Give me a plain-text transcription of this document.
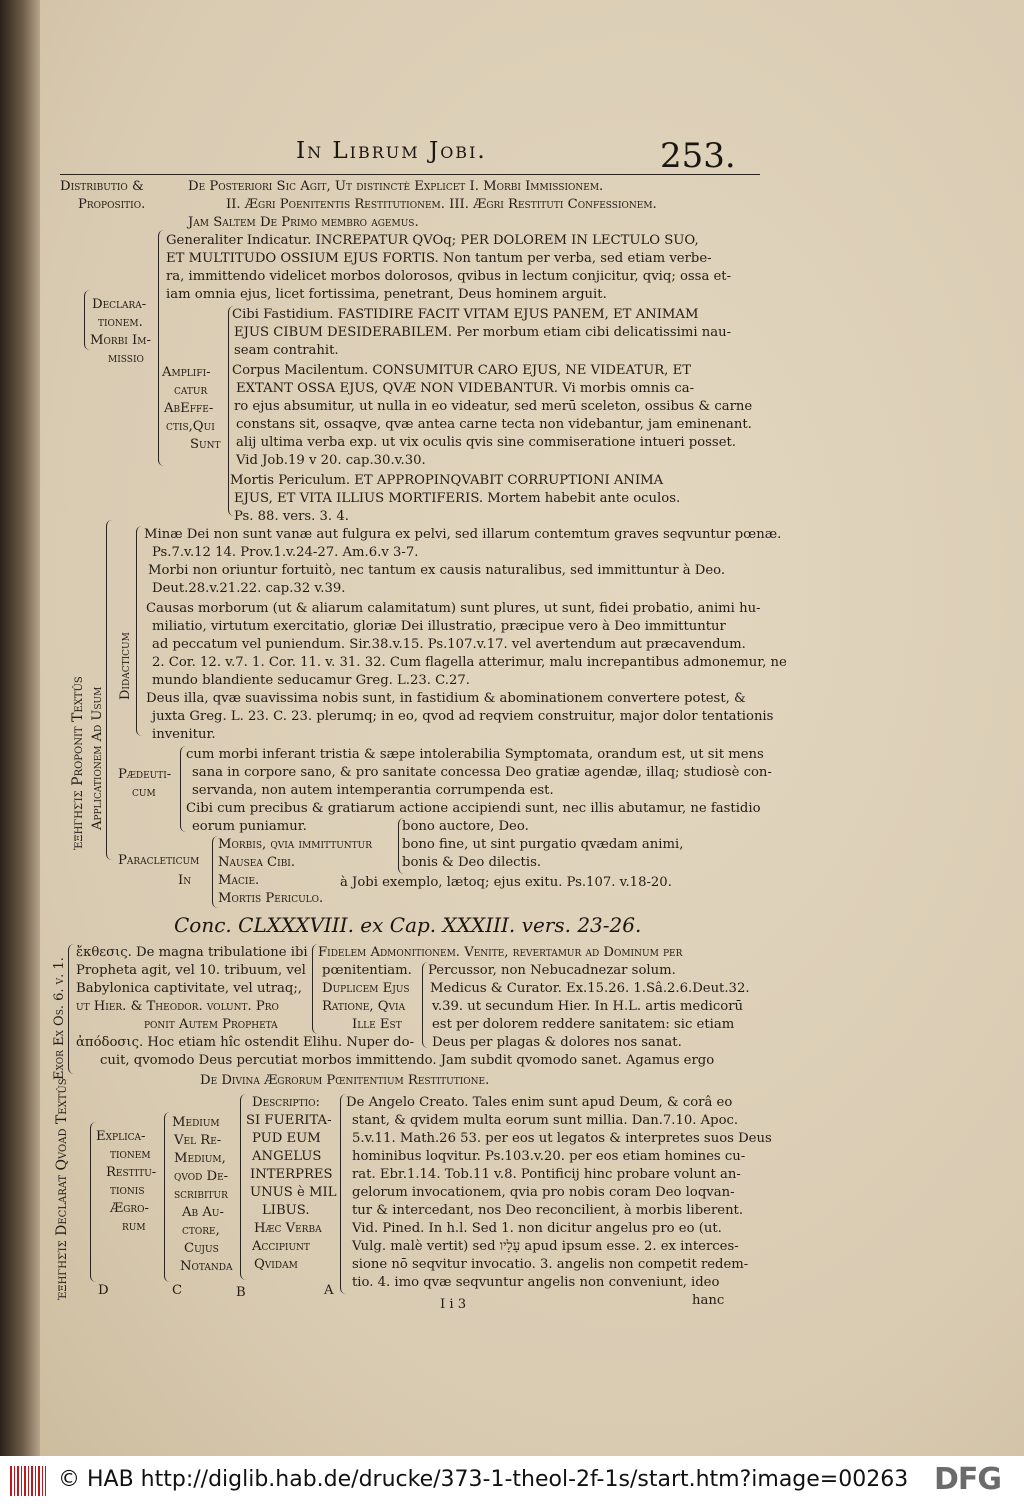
······
In Librum Jobi.	253.
Distributio &
Propositio.
De Posteriori Sic Agit, Ut distinctè Explicet I. Morbi Immissionem.
II. Ægri Poenitentis Restitutionem. III. Ægri Restituti Confessionem.
Jam Saltem De Primo membro agemus.
Declara-
tionem.
Morbi Im-
missio
Generaliter Indicatur. INCREPATUR QVOq; PER DOLOREM IN LECTULO SUO,
ET MULTITUDO OSSIUM EJUS FORTIS. Non tantum per verba, sed etiam verbe-
ra, immittendo videlicet morbos dolorosos, qvibus in lectum conjicitur, qviq; ossa et-
iam omnia ejus, licet fortissima, penetrant, Deus hominem arguit.
Amplifi-
catur
AbEffe-
ctis,Qui
Sunt
Cibi Fastidium. FASTIDIRE FACIT VITAM EJUS PANEM, ET ANIMAM
EJUS CIBUM DESIDERABILEM. Per morbum etiam cibi delicatissimi nau-
seam contrahit.
Corpus Macilentum. CONSUMITUR CARO EJUS, NE VIDEATUR, ET
EXTANT OSSA EJUS, QVÆ NON VIDEBANTUR. Vi morbis omnis ca-
ro ejus absumitur, ut nulla in eo videatur, sed merū sceleton, ossibus & carne
constans sit, ossaqve, qvæ antea carne tecta non videbantur, jam eminenant.
alij ultima verba exp. ut vix oculis qvis sine commiseratione intueri posset.
Vid Job.19 v 20. cap.30.v.30.
Mortis Periculum. ET APPROPINQVABIT CORRUPTIONI ANIMA
EJUS, ET VITA ILLIUS MORTIFERIS. Mortem habebit ante oculos.
Ps. 88. vers. 3. 4.
ἐξηγησίς Proponit Textûs Applicationem Ad Usum
Didacticum
Minæ Dei non sunt vanæ aut fulgura ex pelvi, sed illarum contemtum graves seqvuntur pœnæ.
Ps.7.v.12 14. Prov.1.v.24-27. Am.6.v 3-7.
Morbi non oriuntur fortuitò, nec tantum ex causis naturalibus, sed immittuntur à Deo.
Deut.28.v.21.22. cap.32 v.39.
Causas morborum (ut & aliarum calamitatum) sunt plures, ut sunt, fidei probatio, animi hu-
miliatio, virtutum exercitatio, gloriæ Dei illustratio, præcipue vero à Deo immittuntur
ad peccatum vel puniendum. Sir.38.v.15. Ps.107.v.17. vel avertendum aut præcavendum.
2. Cor. 12. v.7. 1. Cor. 11. v. 31. 32. Cum flagella atterimur, malu increpantibus admonemur, ne
mundo blandiente seducamur Greg. L.23. C.27.
Deus illa, qvæ suavissima nobis sunt, in fastidium & abominationem convertere potest, &
juxta Greg. L. 23. C. 23. plerumq; in eo, qvod ad reqviem construitur, major dolor tentationis
invenitur.
Pædeuti-
cum
cum morbi inferant tristia & sæpe intolerabilia Symptomata, orandum est, ut sit mens
sana in corpore sano, & pro sanitate concessa Deo gratiæ agendæ, illaq; studiosè con-
servanda, non autem intemperantia corrumpenda est.
Cibi cum precibus & gratiarum actione accipiendi sunt, nec illis abutamur, ne fastidio
eorum puniamur.
Paracleticum
In
Morbis, qvia immittuntur
Nausea Cibi.
Macie.
Mortis Periculo.
bono auctore, Deo.
bono fine, ut sint purgatio qvædam animi,
bonis & Deo dilectis.
à Jobi exemplo, lætoq; ejus exitu. Ps.107. v.18-20.
Conc. CLXXXVIII. ex Cap. XXXIII. vers. 23-26.
Exor Ex Os. 6. v. 1.
ἔκθεσις. De magna tribulatione ibi
Propheta agit, vel 10. tribuum, vel
Babylonica captivitate, vel utraq;,
ut Hier. & Theodor. volunt. Pro
ponit Autem Propheta
Fidelem Admonitionem. Venite, revertamur ad Dominum per
pœnitentiam.
Duplicem Ejus
Ratione, Qvia
Ille Est
Percussor, non Nebucadnezar solum.
Medicus & Curator. Ex.15.26. 1.Sâ.2.6.Deut.32.
v.39. ut secundum Hier. In H.L. artis medicorū
est per dolorem reddere sanitatem: sic etiam
Deus per plagas & dolores nos sanat.
ἀπόδοσις. Hoc etiam hîc ostendit Elihu. Nuper do-
cuit, qvomodo Deus percutiat morbos immittendo. Jam subdit qvomodo sanet. Agamus ergo
De Divina Ægrorum Pœnitentium Restitutione.
ἐξηγησίς Declarat Qvoad Textûs Explica-
tionem
Restitu-
tionis
Ægro-
rum
Medium
Vel Re-
Medium,
qvod De-
scribitur
Ab Au-
ctore,
Cujus
Notanda
Descriptio:
SI FUERITA-
PUD EUM
ANGELUS
INTERPRES
UNUS è MIL
LIBUS.
Hæc Verba
Accipiunt
Qvidam
De Angelo Creato. Tales enim sunt apud Deum, & corâ eo
stant, & qvidem multa eorum sunt millia. Dan.7.10. Apoc.
5.v.11. Math.26 53. per eos ut legatos & interpretes suos Deus
hominibus loqvitur. Ps.103.v.20. per eos etiam homines cu-
rat. Ebr.1.14. Tob.11 v.8. Pontificij hinc probare volunt an-
gelorum invocationem, qvia pro nobis coram Deo loqvan-
tur & intercedant, nos Deo reconcilient, à morbis liberent.
Vid. Pined. In h.l. Sed 1. non dicitur angelus pro eo (ut.
Vulg. malè vertit) sed עָלָיו apud ipsum esse. 2. ex interces-
sione nō seqvitur invocatio. 3. angelis non competit redem-
tio. 4. imo qvæ seqvuntur angelis non conveniunt, ideo
D	C	B	A
I i 3	hanc
© HAB http://diglib.hab.de/drucke/373-1-theol-2f-1s/start.htm?image=00263 DFG
